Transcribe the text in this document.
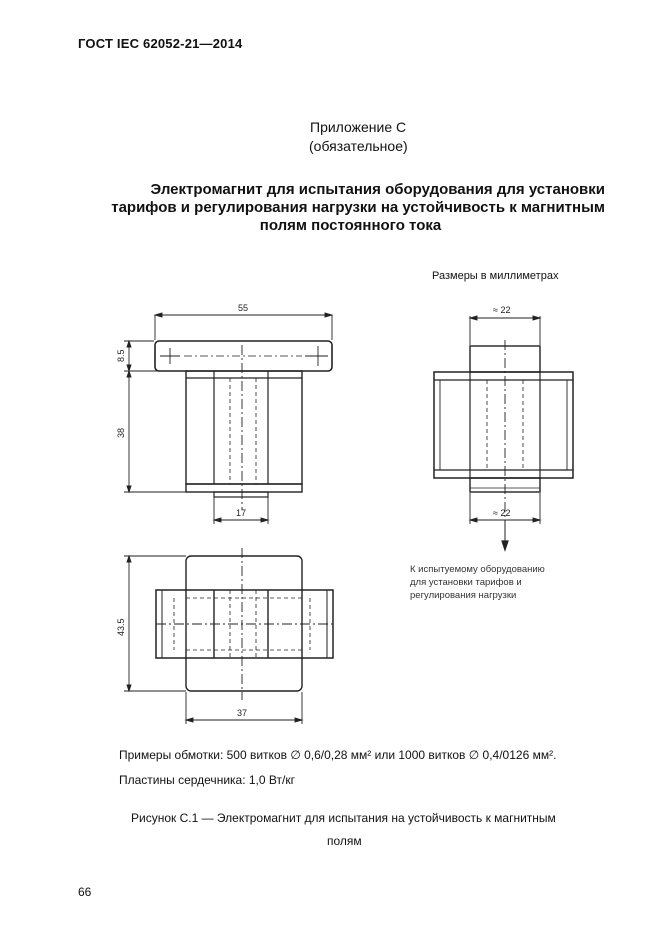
ГОСТ IEC 62052-21—2014
Приложение С
(обязательное)
Электромагнит для испытания оборудования для установки
тарифов и регулирования нагрузки на устойчивость к магнитным
полям постоянного тока
Размеры в миллиметрах
55
8.5
38
17
43.5
37
≈ 22
≈ 22
К испытуемому оборудованию
для установки тарифов и
регулирования нагрузки
Примеры обмотки: 500 витков ∅ 0,6/0,28 мм² или 1000 витков ∅ 0,4/0126 мм².
Пластины сердечника: 1,0 Вт/кг
Рисунок С.1 — Электромагнит для испытания на устойчивость к магнитным
полям
66
